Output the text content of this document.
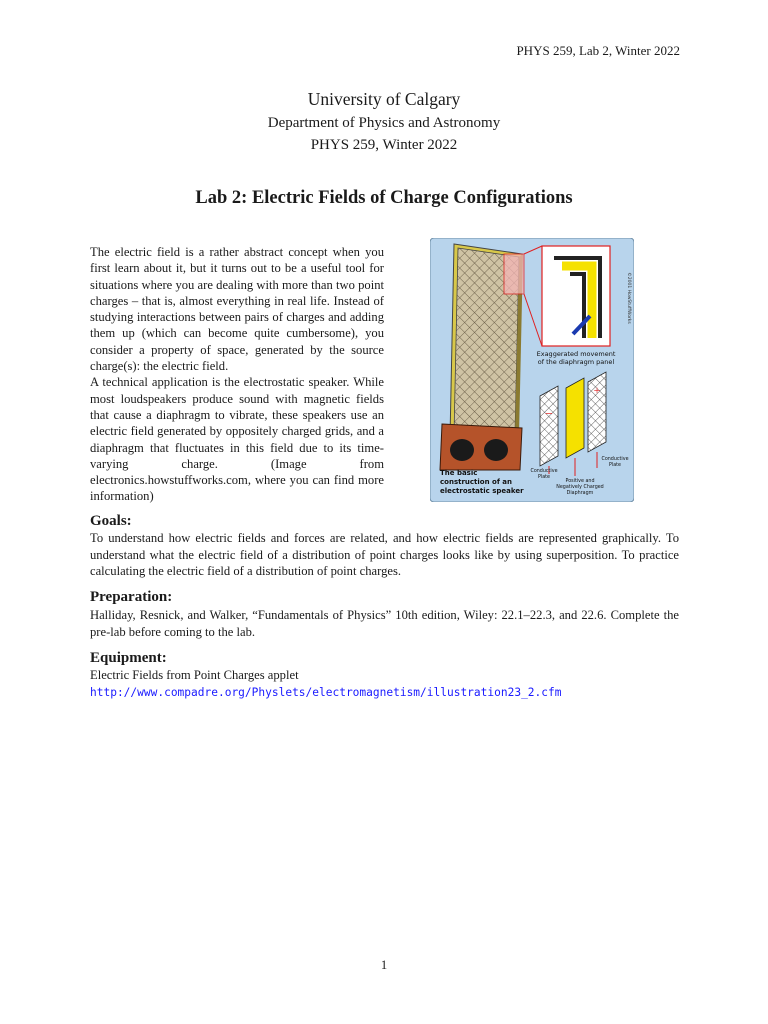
PHYS 259, Lab 2, Winter 2022
University of Calgary
Department of Physics and Astronomy
PHYS 259, Winter 2022
Lab 2: Electric Fields of Charge Configurations

The electric field is a rather abstract concept when you first learn about it, but it turns out to be a useful tool for situations where you are dealing with more than two point charges – that is, almost everything in real life. Instead of studying interactions between pairs of charges and adding them up (which can become quite cumbersome), you consider a property of space, generated by the source charge(s): the electric field.

A technical application is the electrostatic speaker. While most loudspeakers produce sound with magnetic fields that cause a diaphragm to vibrate, these speakers use an electric field generated by oppositely charged grids, and a diaphragm that fluctuates in this field due to its time-varying charge. (Image from electronics.howstuffworks.com, where you can find more information)

©2001 HowStuffWorks
Exaggerated movement
of the diaphragm panel
−
+
The basic
construction of an
electrostatic speaker
Conductive
Plate
Conductive
Plate
Positive and
Negatively Charged
Diaphragm
Goals:

To understand how electric fields and forces are related, and how electric fields are represented graphically. To understand what the electric field of a distribution of point charges looks like by using superposition. To practice calculating the electric field of a distribution of point charges.

Preparation:

Halliday, Resnick, and Walker, “Fundamentals of Physics” 10th edition, Wiley: 22.1–22.3, and 22.6. Complete the pre-lab before coming to the lab.

Equipment:

Electric Fields from Point Charges applet

http://www.compadre.org/Physlets/electromagnetism/illustration23_2.cfm

1
